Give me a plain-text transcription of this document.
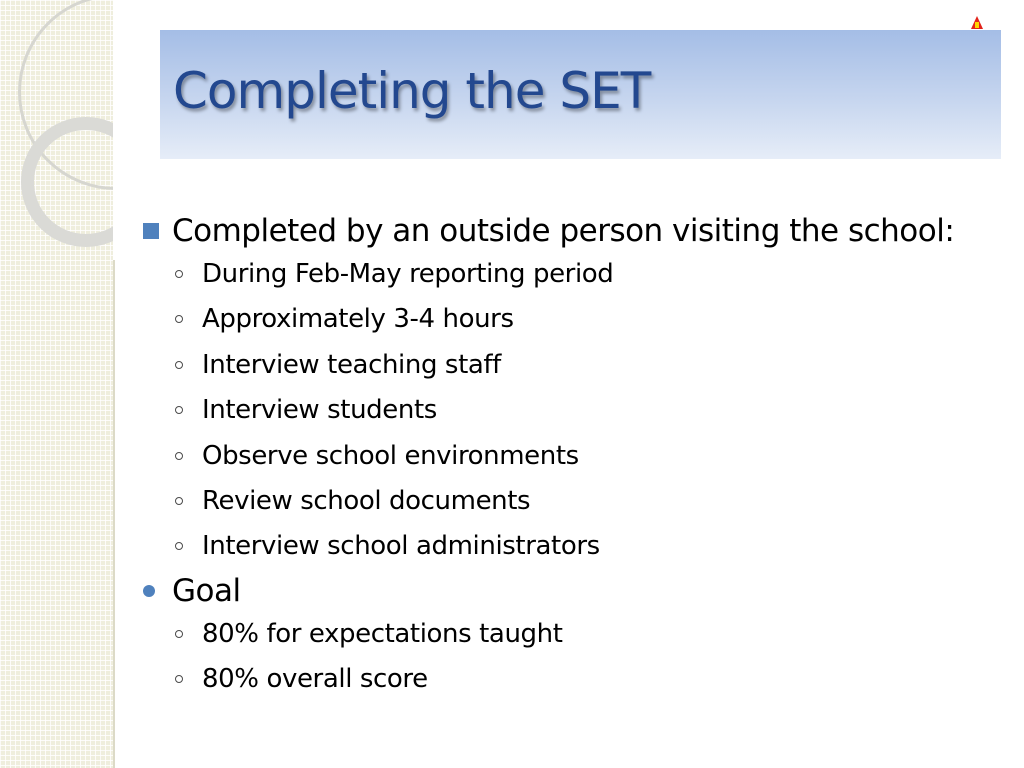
Completing the SET
Completed by an outside person visiting the school:
During Feb-May reporting period
Approximately 3-4 hours
Interview teaching staff
Interview students
Observe school environments
Review school documents
Interview school administrators
Goal
80% for expectations taught
80% overall score
